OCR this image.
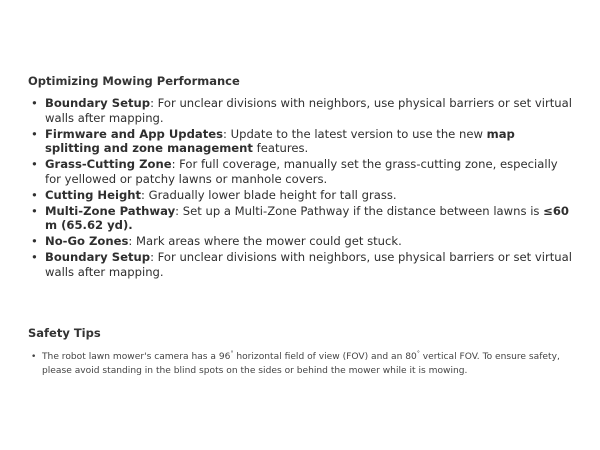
Optimizing Mowing Performance
• Boundary Setup: For unclear divisions with neighbors, use physical barriers or set virtual walls after mapping.
• Firmware and App Updates: Update to the latest version to use the new map splitting and zone management features.
• Grass-Cutting Zone: For full coverage, manually set the grass-cutting zone, especially for yellowed or patchy lawns or manhole covers.
• Cutting Height: Gradually lower blade height for tall grass.
• Multi-Zone Pathway: Set up a Multi-Zone Pathway if the distance between lawns is ≤60 m (65.62 yd).
• No-Go Zones: Mark areas where the mower could get stuck.
• Boundary Setup: For unclear divisions with neighbors, use physical barriers or set virtual walls after mapping.
Safety Tips
• The robot lawn mower's camera has a 96° horizontal field of view (FOV) and an 80° vertical FOV. To ensure safety, please avoid standing in the blind spots on the sides or behind the mower while it is mowing.
